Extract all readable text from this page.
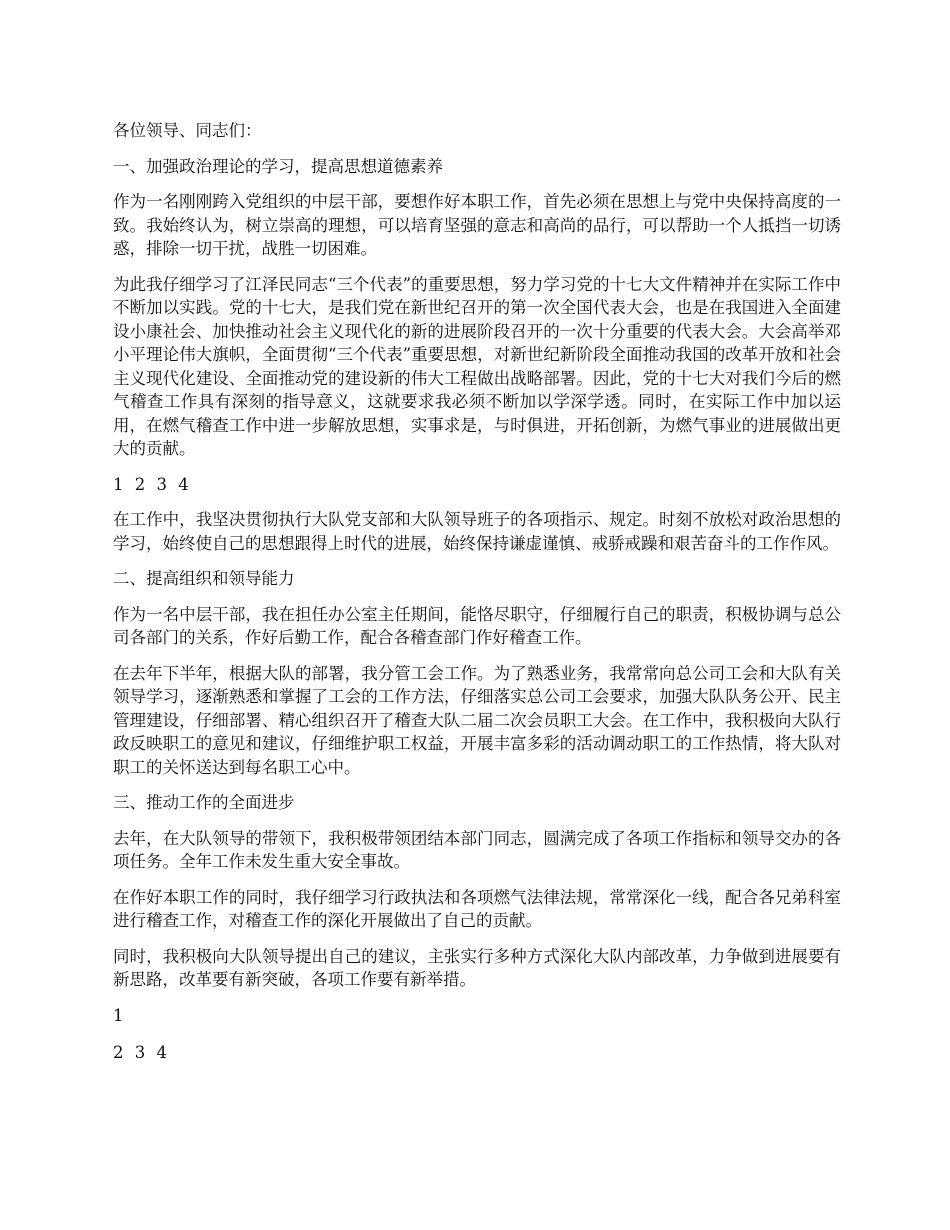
各位领导、同志们：

一、加强政治理论的学习，提高思想道德素养

作为一名刚刚跨入党组织的中层干部，要想作好本职工作，首先必须在思想上与党中央保持高度的一致。我始终认为，树立崇高的理想，可以培育坚强的意志和高尚的品行，可以帮助一个人抵挡一切诱惑，排除一切干扰，战胜一切困难。

为此我仔细学习了江泽民同志“三个代表”的重要思想，努力学习党的十七大文件精神并在实际工作中不断加以实践。党的十七大，是我们党在新世纪召开的第一次全国代表大会，也是在我国进入全面建设小康社会、加快推动社会主义现代化的新的进展阶段召开的一次十分重要的代表大会。大会高举邓小平理论伟大旗帜，全面贯彻“三个代表”重要思想，对新世纪新阶段全面推动我国的改革开放和社会主义现代化建设、全面推动党的建设新的伟大工程做出战略部署。因此，党的十七大对我们今后的燃气稽查工作具有深刻的指导意义，这就要求我必须不断加以学深学透。同时，在实际工作中加以运用，在燃气稽查工作中进一步解放思想，实事求是，与时俱进，开拓创新，为燃气事业的进展做出更大的贡献。

1 2 3 4

在工作中，我坚决贯彻执行大队党支部和大队领导班子的各项指示、规定。时刻不放松对政治思想的学习，始终使自己的思想跟得上时代的进展，始终保持谦虚谨慎、戒骄戒躁和艰苦奋斗的工作作风。

二、提高组织和领导能力

作为一名中层干部，我在担任办公室主任期间，能恪尽职守，仔细履行自己的职责，积极协调与总公司各部门的关系，作好后勤工作，配合各稽查部门作好稽查工作。

在去年下半年，根据大队的部署，我分管工会工作。为了熟悉业务，我常常向总公司工会和大队有关领导学习，逐渐熟悉和掌握了工会的工作方法，仔细落实总公司工会要求，加强大队队务公开、民主管理建设，仔细部署、精心组织召开了稽查大队二届二次会员职工大会。在工作中，我积极向大队行政反映职工的意见和建议，仔细维护职工权益，开展丰富多彩的活动调动职工的工作热情，将大队对职工的关怀送达到每名职工心中。

三、推动工作的全面进步

去年，在大队领导的带领下，我积极带领团结本部门同志，圆满完成了各项工作指标和领导交办的各项任务。全年工作未发生重大安全事故。

在作好本职工作的同时，我仔细学习行政执法和各项燃气法律法规，常常深化一线，配合各兄弟科室进行稽查工作，对稽查工作的深化开展做出了自己的贡献。

同时，我积极向大队领导提出自己的建议，主张实行多种方式深化大队内部改革，力争做到进展要有新思路，改革要有新突破，各项工作要有新举措。

1

2 3 4
